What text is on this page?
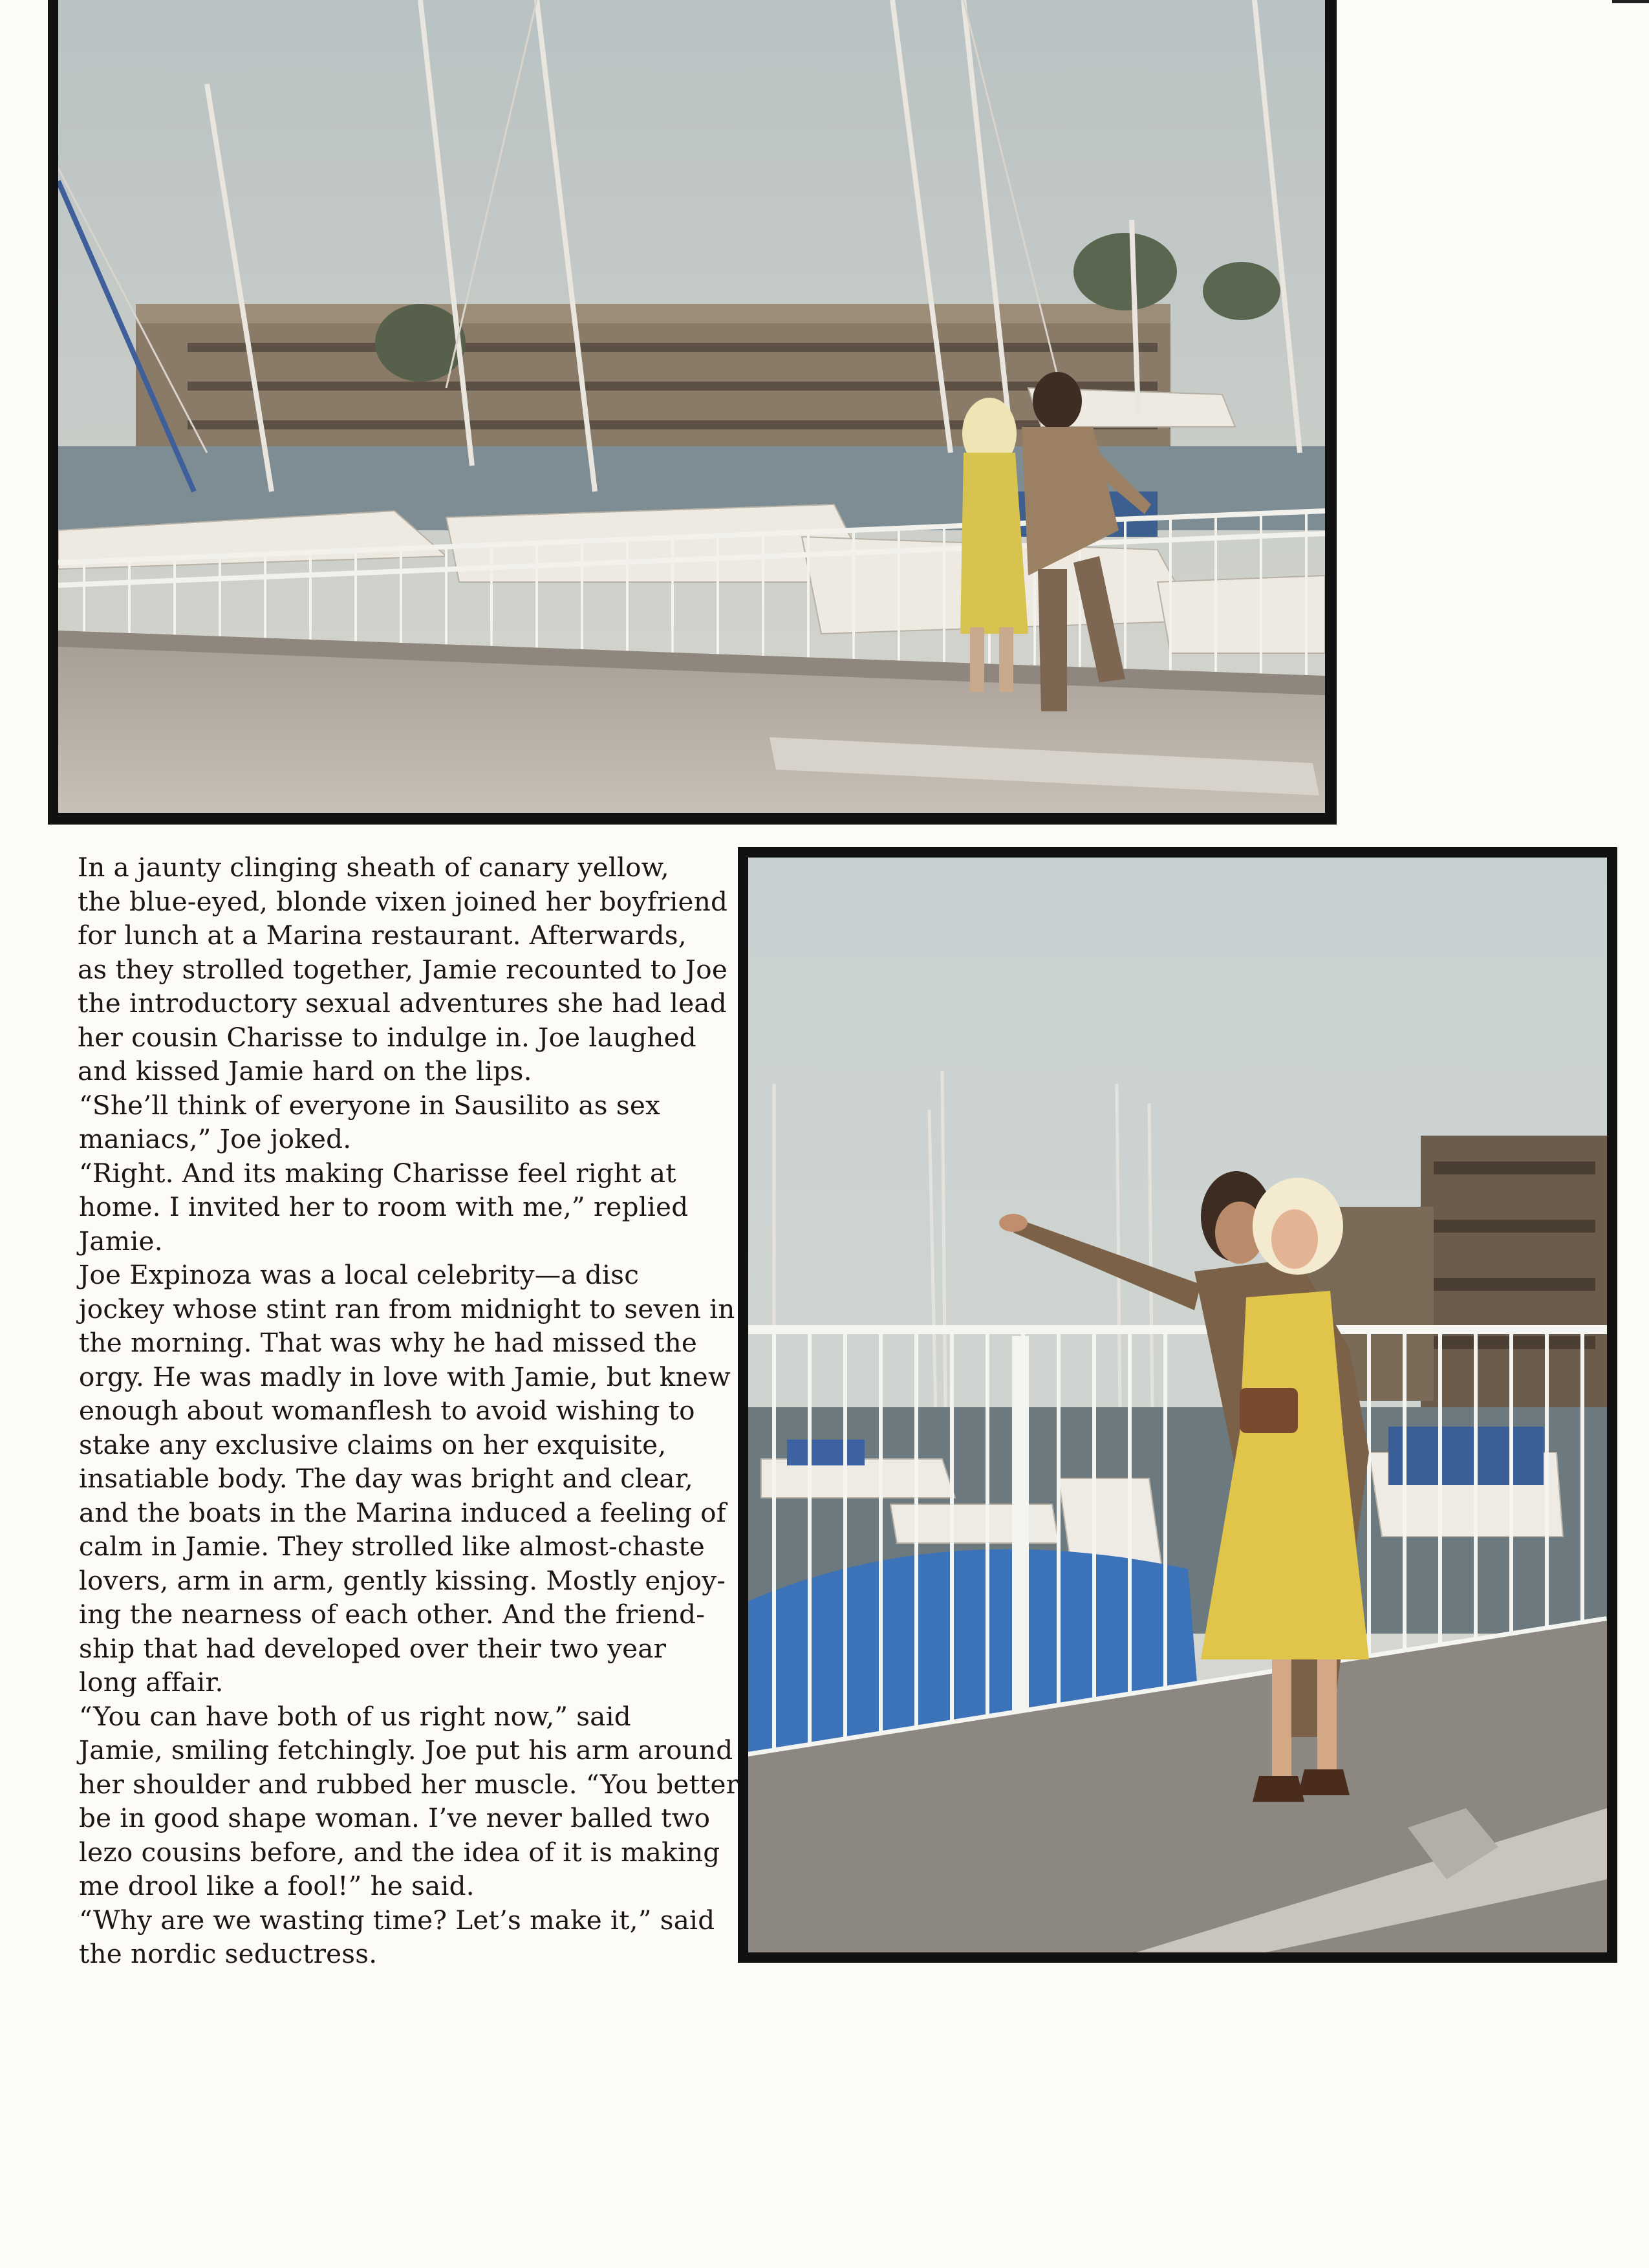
In a jaunty clinging sheath of canary yellow,
the blue-eyed, blonde vixen joined her boyfriend
for lunch at a Marina restaurant. Afterwards,
as they strolled together, Jamie recounted to Joe
the introductory sexual adventures she had lead
her cousin Charisse to indulge in. Joe laughed
and kissed Jamie hard on the lips.

“She’ll think of everyone in Sausilito as sex
maniacs,” Joe joked.

“Right. And its making Charisse feel right at
home. I invited her to room with me,” replied
Jamie.

Joe Expinoza was a local celebrity—a disc
jockey whose stint ran from midnight to seven in
the morning. That was why he had missed the
orgy. He was madly in love with Jamie, but knew
enough about womanflesh to avoid wishing to
stake any exclusive claims on her exquisite,
insatiable body. The day was bright and clear,
and the boats in the Marina induced a feeling of
calm in Jamie. They strolled like almost-chaste
lovers, arm in arm, gently kissing. Mostly enjoy-
ing the nearness of each other. And the friend-
ship that had developed over their two year
long affair.

“You can have both of us right now,” said
Jamie, smiling fetchingly. Joe put his arm around
her shoulder and rubbed her muscle. “You better
be in good shape woman. I’ve never balled two
lezo cousins before, and the idea of it is making
me drool like a fool!” he said.

“Why are we wasting time? Let’s make it,” said
the nordic seductress.
